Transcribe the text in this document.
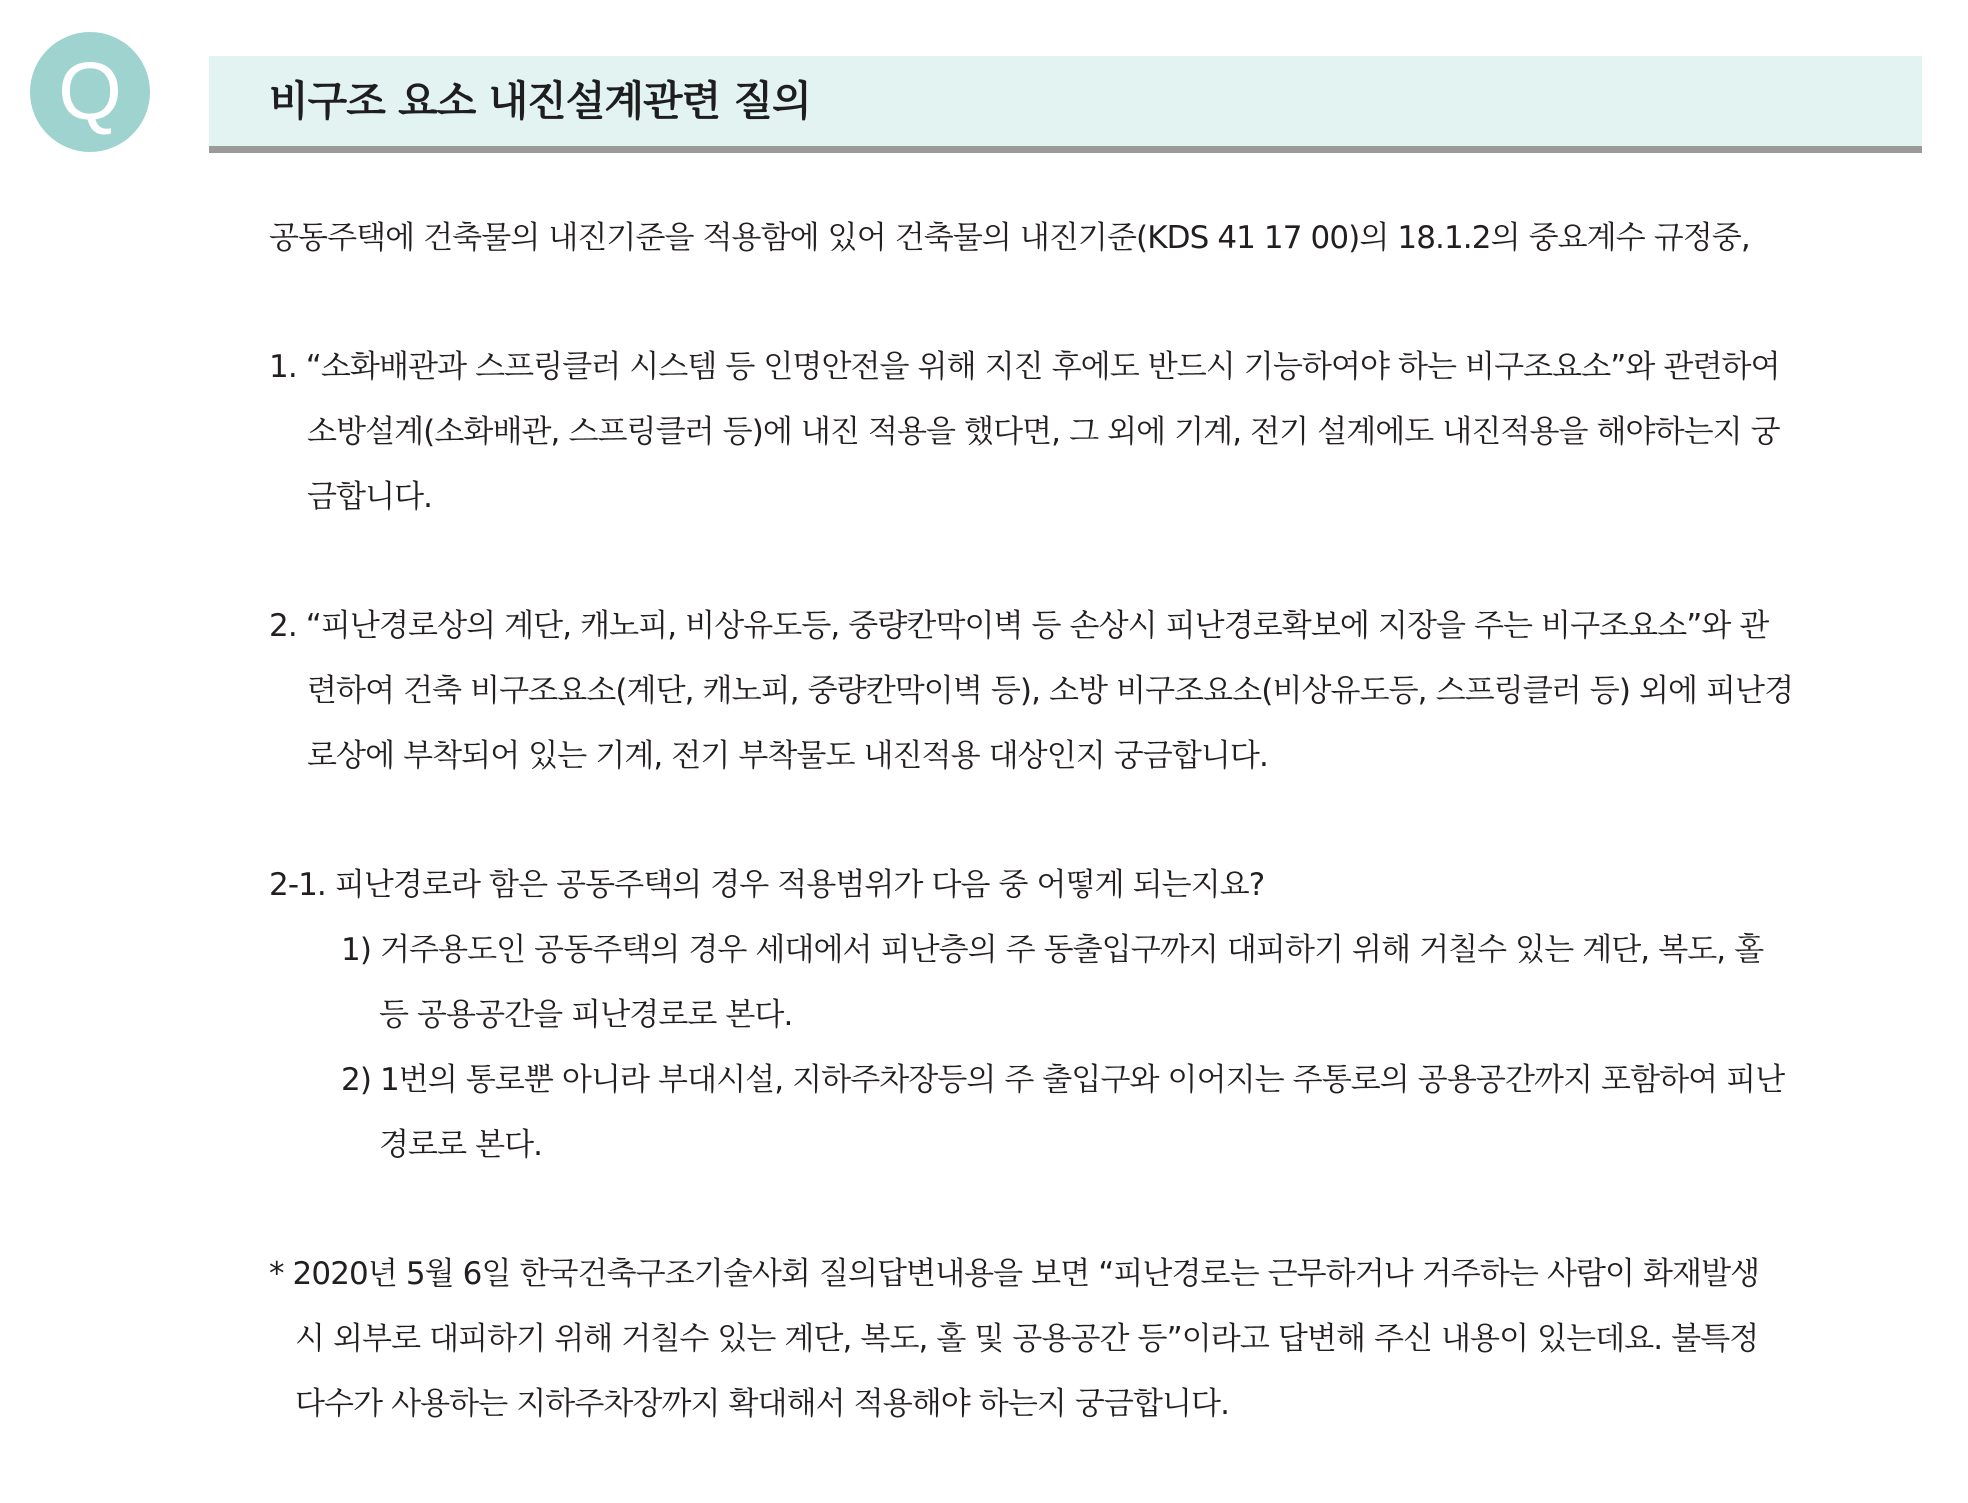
Q	비구조 요소 내진설계관련 질의
공동주택에 건축물의 내진기준을 적용함에 있어 건축물의 내진기준(KDS 41 17 00)의 18.1.2의 중요계수 규정중,
1. “소화배관과 스프링클러 시스템 등 인명안전을 위해 지진 후에도 반드시 기능하여야 하는 비구조요소”와 관련하여
소방설계(소화배관, 스프링클러 등)에 내진 적용을 했다면, 그 외에 기계, 전기 설계에도 내진적용을 해야하는지 궁
금합니다.
2. “피난경로상의 계단, 캐노피, 비상유도등, 중량칸막이벽 등 손상시 피난경로확보에 지장을 주는 비구조요소”와 관
련하여 건축 비구조요소(계단, 캐노피, 중량칸막이벽 등), 소방 비구조요소(비상유도등, 스프링클러 등) 외에 피난경
로상에 부착되어 있는 기계, 전기 부착물도 내진적용 대상인지 궁금합니다.
2-1. 피난경로라 함은 공동주택의 경우 적용범위가 다음 중 어떻게 되는지요?
1) 거주용도인 공동주택의 경우 세대에서 피난층의 주 동출입구까지 대피하기 위해 거칠수 있는 계단, 복도, 홀
등 공용공간을 피난경로로 본다.
2) 1번의 통로뿐 아니라 부대시설, 지하주차장등의 주 출입구와 이어지는 주통로의 공용공간까지 포함하여 피난
경로로 본다.
* 2020년 5월 6일 한국건축구조기술사회 질의답변내용을 보면 “피난경로는 근무하거나 거주하는 사람이 화재발생
시 외부로 대피하기 위해 거칠수 있는 계단, 복도, 홀 및 공용공간 등”이라고 답변해 주신 내용이 있는데요. 불특정
다수가 사용하는 지하주차장까지 확대해서 적용해야 하는지 궁금합니다.
